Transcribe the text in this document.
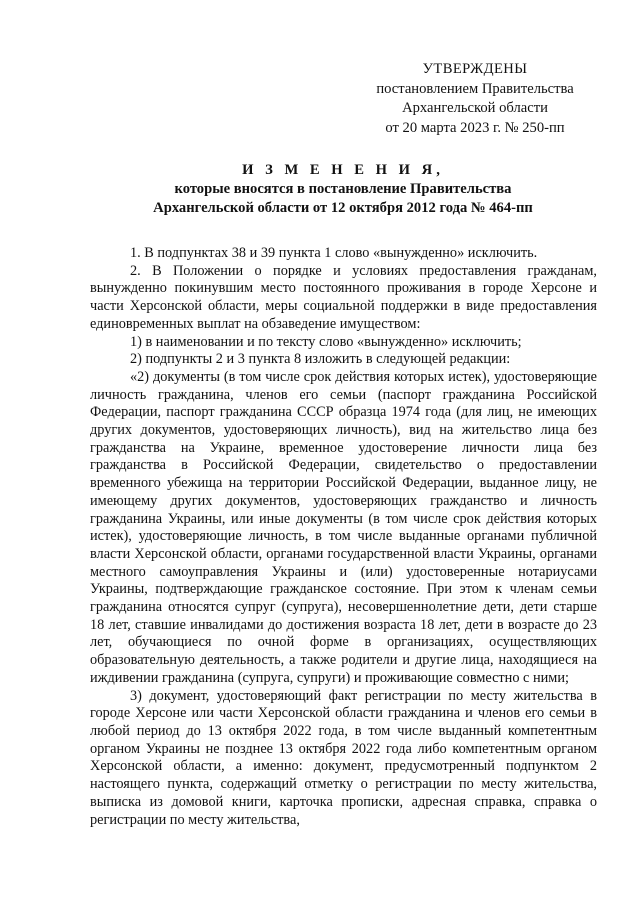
УТВЕРЖДЕНЫ
постановлением Правительства
Архангельской области
от 20 марта 2023 г. № 250-пп
И З М Е Н Е Н И Я,
которые вносятся в постановление Правительства
Архангельской области от 12 октября 2012 года № 464-пп

1. В подпунктах 38 и 39 пункта 1 слово «вынужденно» исключить.

2. В Положении о порядке и условиях предоставления гражданам, вынужденно покинувшим место постоянного проживания в городе Херсоне и части Херсонской области, меры социальной поддержки в виде предоставления единовременных выплат на обзаведение имуществом:

1) в наименовании и по тексту слово «вынужденно» исключить;

2) подпункты 2 и 3 пункта 8 изложить в следующей редакции:

«2) документы (в том числе срок действия которых истек), удостоверяющие личность гражданина, членов его семьи (паспорт гражданина Российской Федерации, паспорт гражданина СССР образца 1974 года (для лиц, не имеющих других документов, удостоверяющих личность), вид на жительство лица без гражданства на Украине, временное удостоверение личности лица без гражданства в Российской Федерации, свидетельство о предоставлении временного убежища на территории Российской Федерации, выданное лицу, не имеющему других документов, удостоверяющих гражданство и личность гражданина Украины, или иные документы (в том числе срок действия которых истек), удостоверяющие личность, в том числе выданные органами публичной власти Херсонской области, органами государственной власти Украины, органами местного самоуправления Украины и (или) удостоверенные нотариусами Украины, подтверждающие гражданское состояние. При этом к членам семьи гражданина относятся супруг (супруга), несовершеннолетние дети, дети старше 18 лет, ставшие инвалидами до достижения возраста 18 лет, дети в возрасте до 23 лет, обучающиеся по очной форме в организациях, осуществляющих образовательную деятельность, а также родители и другие лица, находящиеся на иждивении гражданина (супруга, супруги) и проживающие совместно с ними;

3) документ, удостоверяющий факт регистрации по месту жительства в городе Херсоне или части Херсонской области гражданина и членов его семьи в любой период до 13 октября 2022 года, в том числе выданный компетентным органом Украины не позднее 13 октября 2022 года либо компетентным органом Херсонской области, а именно: документ, предусмотренный подпунктом 2 настоящего пункта, содержащий отметку о регистрации по месту жительства, выписка из домовой книги, карточка прописки, адресная справка, справка о регистрации по месту жительства,
